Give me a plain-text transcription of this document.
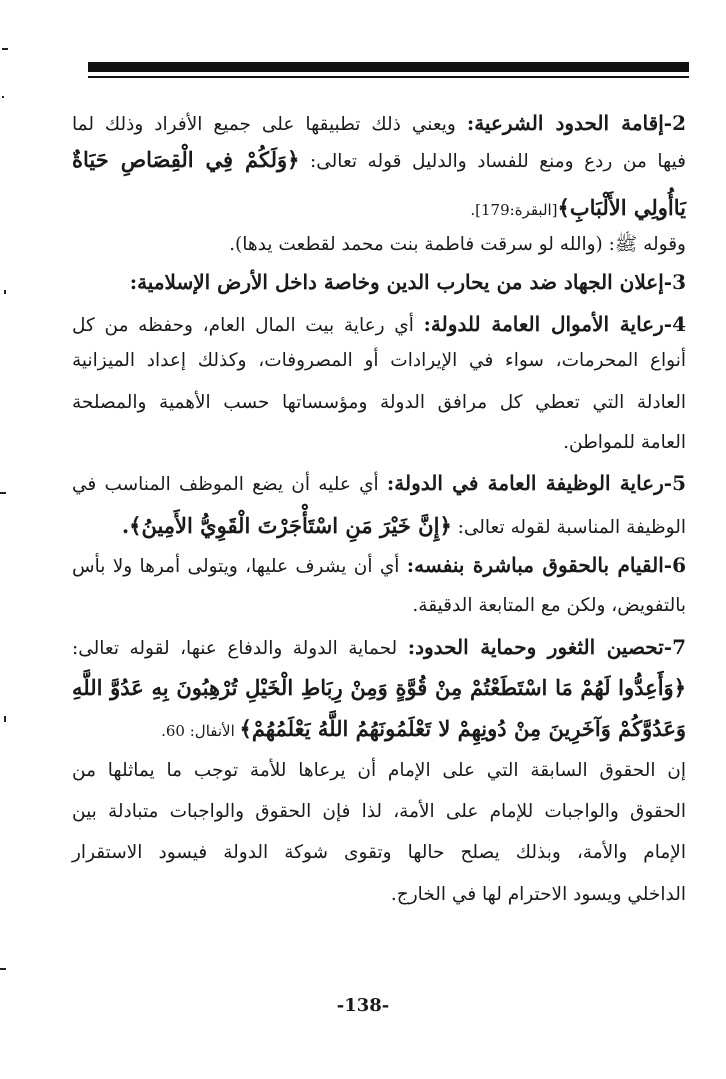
2-إقامة الحدود الشرعية: ويعني ذلك تطبيقها على جميع الأفراد وذلك لما
فيها من ردع ومنع للفساد والدليل قوله تعالى: ﴿وَلَكُمْ فِي الْقِصَاصِ حَيَاةٌ
يَاأُولِي الأَلْبَابِ﴾[البقرة:179].
وقوله ﷺ: (والله لو سرقت فاطمة بنت محمد لقطعت يدها).
3-إعلان الجهاد ضد من يحارب الدين وخاصة داخل الأرض الإسلامية:
4-رعاية الأموال العامة للدولة: أي رعاية بيت المال العام، وحفظه من كل
أنواع المحرمات، سواء في الإيرادات أو المصروفات، وكذلك إعداد الميزانية
العادلة التي تعطي كل مرافق الدولة ومؤسساتها حسب الأهمية والمصلحة
العامة للمواطن.
5-رعاية الوظيفة العامة في الدولة: أي عليه أن يضع الموظف المناسب في
الوظيفة المناسبة لقوله تعالى: ﴿إِنَّ خَيْرَ مَنِ اسْتَأْجَرْتَ الْقَوِيُّ الأَمِينُ﴾.
6-القيام بالحقوق مباشرة بنفسه: أي أن يشرف عليها، ويتولى أمرها ولا بأس
بالتفويض، ولكن مع المتابعة الدقيقة.
7-تحصين الثغور وحماية الحدود: لحماية الدولة والدفاع عنها، لقوله تعالى:
﴿وَأَعِدُّوا لَهُمْ مَا اسْتَطَعْتُمْ مِنْ قُوَّةٍ وَمِنْ رِبَاطِ الْخَيْلِ تُرْهِبُونَ بِهِ عَدُوَّ اللَّهِ
وَعَدُوَّكُمْ وَآخَرِينَ مِنْ دُونِهِمْ لا تَعْلَمُونَهُمُ اللَّهُ يَعْلَمُهُمْ﴾ الأنفال: 60.
إن الحقوق السابقة التي على الإمام أن يرعاها للأمة توجب ما يماثلها من
الحقوق والواجبات للإمام على الأمة، لذا فإن الحقوق والواجبات متبادلة بين
الإمام والأمة، وبذلك يصلح حالها وتقوى شوكة الدولة فيسود الاستقرار
الداخلي ويسود الاحترام لها في الخارج.
-138-
